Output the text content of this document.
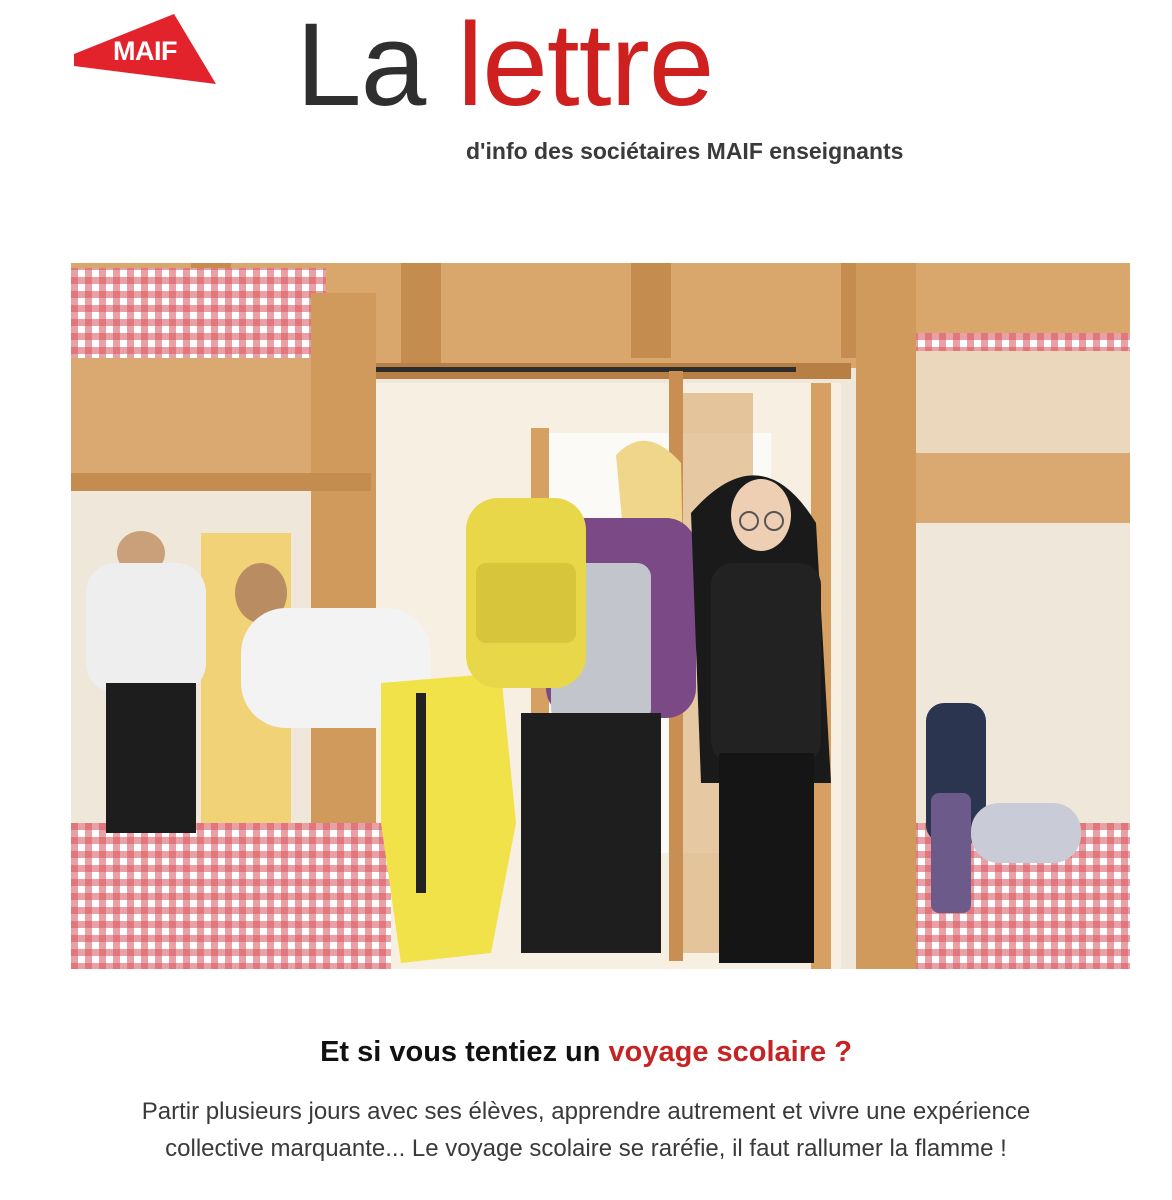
MAIF La lettre
d'info des sociétaires MAIF enseignants
Et si vous tentiez un voyage scolaire ?
Partir plusieurs jours avec ses élèves, apprendre autrement et vivre une expérience
collective marquante... Le voyage scolaire se raréfie, il faut rallumer la flamme !
